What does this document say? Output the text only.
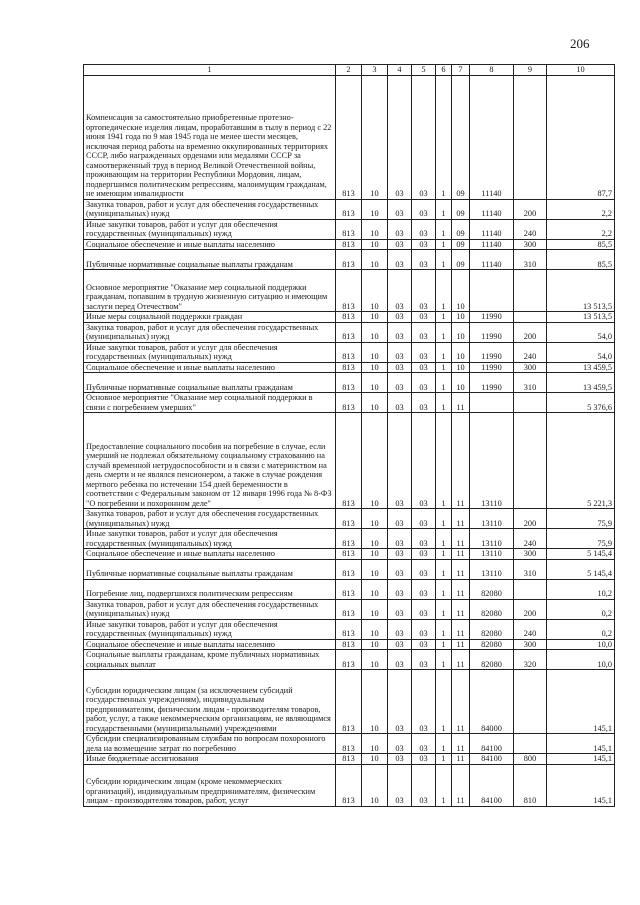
206
1	2	3	4	5	6	7	8	9	10
Компенсация за самостоятельно приобретенные протезно-ортопедические изделия лицам, проработавшим в тылу в период с 22 июня 1941 года по 9 мая 1945 года не менее шести месяцев, исключая период работы на временно оккупированных территориях СССР, либо награжденных орденами или медалями СССР за самоотверженный труд в период Великой Отечественной войны, проживающим на территории Республики Мордовия, лицам, подвергшимся политическим репрессиям, малоимущим гражданам, не имеющим инвалидности	813	10	03	03	1	09	11140		87,7
Закупка товаров, работ и услуг для обеспечения государственных (муниципальных) нужд	813	10	03	03	1	09	11140	200	2,2
Иные закупки товаров, работ и услуг для обеспечения государственных (муниципальных) нужд	813	10	03	03	1	09	11140	240	2,2
Социальное обеспечение и иные выплаты населению	813	10	03	03	1	09	11140	300	85,5
Публичные нормативные социальные выплаты гражданам	813	10	03	03	1	09	11140	310	85,5
Основное мероприятие "Оказание мер социальной поддержки гражданам, попавшим в трудную жизненную ситуацию и имеющим заслуги перед Отечеством"	813	10	03	03	1	10			13 513,5
Иные меры социальной поддержки граждан	813	10	03	03	1	10	11990		13 513,5
Закупка товаров, работ и услуг для обеспечения государственных (муниципальных) нужд	813	10	03	03	1	10	11990	200	54,0
Иные закупки товаров, работ и услуг для обеспечения государственных (муниципальных) нужд	813	10	03	03	1	10	11990	240	54,0
Социальное обеспечение и иные выплаты населению	813	10	03	03	1	10	11990	300	13 459,5
Публичные нормативные социальные выплаты гражданам	813	10	03	03	1	10	11990	310	13 459,5
Основное мероприятие "Оказание мер социальной поддержки в связи с погребением умерших"	813	10	03	03	1	11			5 376,6
Предоставление социального пособия на погребение в случае, если умерший не подлежал обязательному социальному страхованию на случай временной нетрудоспособности и в связи с материнством на день смерти и не являлся пенсионером, а также в случае рождения мертвого ребенка по истечении 154 дней беременности в соответствии с Федеральным законом от 12 января 1996 года № 8-ФЗ "О погребении и похоронном деле"	813	10	03	03	1	11	13110		5 221,3
Закупка товаров, работ и услуг для обеспечения государственных (муниципальных) нужд	813	10	03	03	1	11	13110	200	75,9
Иные закупки товаров, работ и услуг для обеспечения государственных (муниципальных) нужд	813	10	03	03	1	11	13110	240	75,9
Социальное обеспечение и иные выплаты населению	813	10	03	03	1	11	13110	300	5 145,4
Публичные нормативные социальные выплаты гражданам	813	10	03	03	1	11	13110	310	5 145,4
Погребение лиц, подвергшихся политическим репрессиям	813	10	03	03	1	11	82080		10,2
Закупка товаров, работ и услуг для обеспечения государственных (муниципальных) нужд	813	10	03	03	1	11	82080	200	0,2
Иные закупки товаров, работ и услуг для обеспечения государственных (муниципальных) нужд	813	10	03	03	1	11	82080	240	0,2
Социальное обеспечение и иные выплаты населению	813	10	03	03	1	11	82080	300	10,0
Социальные выплаты гражданам, кроме публичных нормативных социальных выплат	813	10	03	03	1	11	82080	320	10,0
Субсидии юридическим лицам (за исключением субсидий государственных учреждениям), индивидуальным предпринимателям, физическим лицам - производителям товаров, работ, услуг, а также некоммерческим организациям, не являющимся государственными (муниципальными) учреждениями	813	10	03	03	1	11	84000		145,1
Субсидии специализированным службам по вопросам похоронного дела на возмещение затрат по погребению	813	10	03	03	1	11	84100		145,1
Иные бюджетные ассигнования	813	10	03	03	1	11	84100	800	145,1
Субсидии юридическим лицам (кроме некоммерческих организаций), индивидуальным предпринимателям, физическим лицам - производителям товаров, работ, услуг	813	10	03	03	1	11	84100	810	145,1
